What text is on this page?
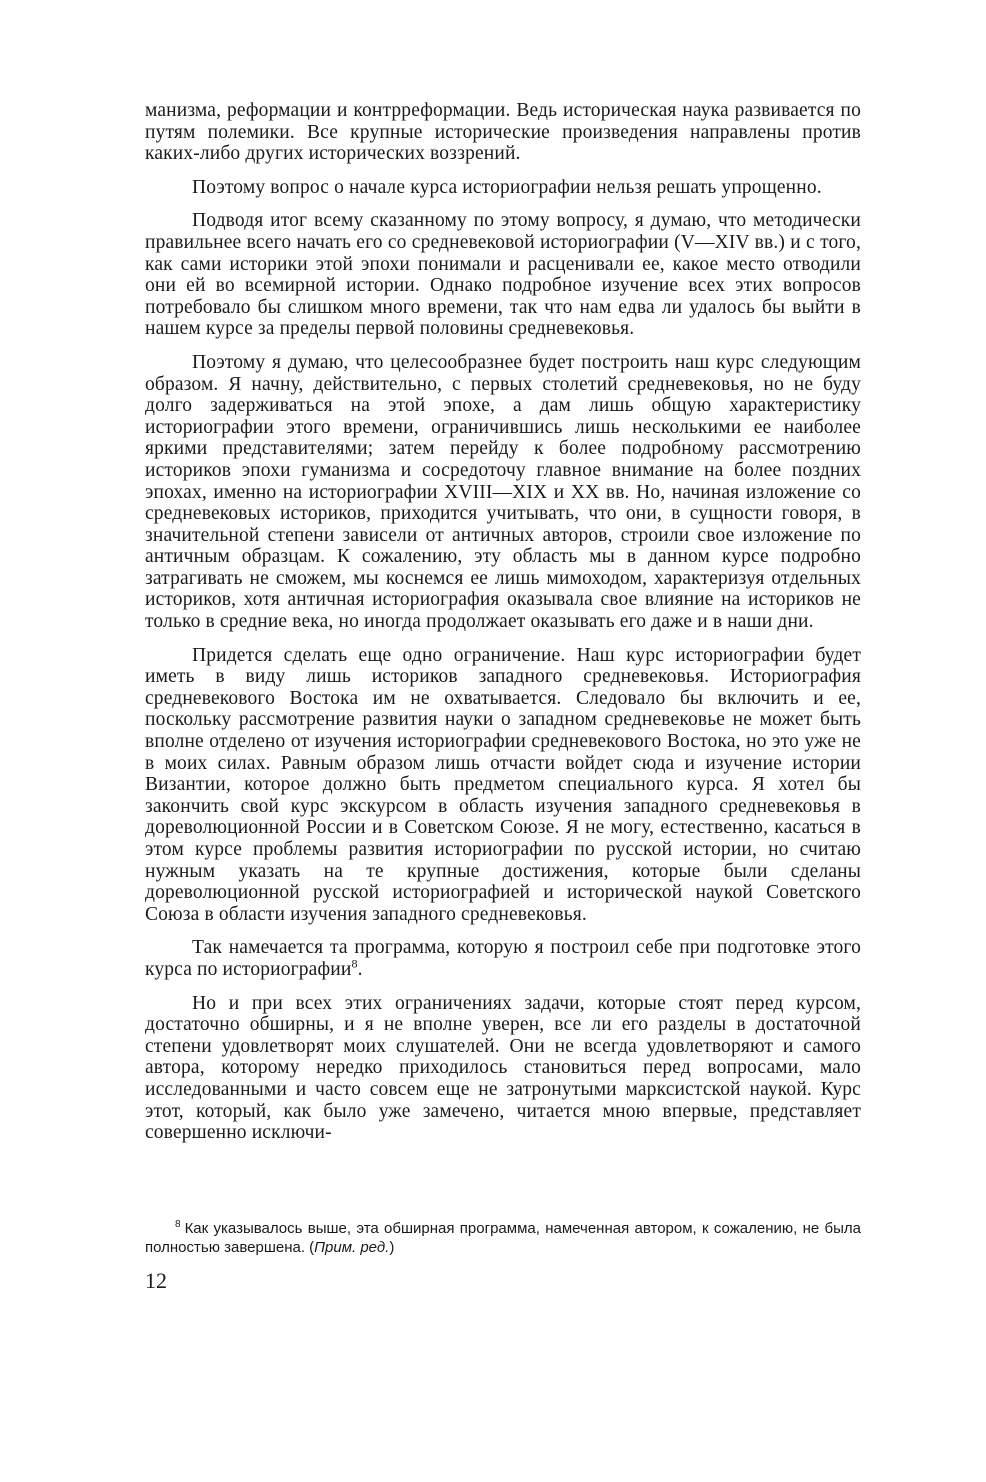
манизма, реформации и контрреформации. Ведь историческая наука развивается по путям полемики. Все крупные исторические произведения направлены против каких-либо других исторических воззрений.

Поэтому вопрос о начале курса историографии нельзя решать упрощенно.

Подводя итог всему сказанному по этому вопросу, я думаю, что методически правильнее всего начать его со средневековой историографии (V—XIV вв.) и с того, как сами историки этой эпохи понимали и расценивали ее, какое место отводили они ей во всемирной истории. Однако подробное изучение всех этих вопросов потребовало бы слишком много времени, так что нам едва ли удалось бы выйти в нашем курсе за пределы первой половины средневековья.

Поэтому я думаю, что целесообразнее будет построить наш курс следующим образом. Я начну, действительно, с первых столетий средневековья, но не буду долго задерживаться на этой эпохе, а дам лишь общую характеристику историографии этого времени, ограничившись лишь несколькими ее наиболее яркими представителями; затем перейду к более подробному рассмотрению историков эпохи гуманизма и сосредоточу главное внимание на более поздних эпохах, именно на историографии XVIII—XIX и XX вв. Но, начиная изложение со средневековых историков, приходится учитывать, что они, в сущности говоря, в значительной степени зависели от античных авторов, строили свое изложение по античным образцам. К сожалению, эту область мы в данном курсе подробно затрагивать не сможем, мы коснемся ее лишь мимоходом, характеризуя отдельных историков, хотя античная историография оказывала свое влияние на историков не только в средние века, но иногда продолжает оказывать его даже и в наши дни.

Придется сделать еще одно ограничение. Наш курс историографии будет иметь в виду лишь историков западного средневековья. Историография средневекового Востока им не охватывается. Следовало бы включить и ее, поскольку рассмотрение развития науки о западном средневековье не может быть вполне отделено от изучения историографии средневекового Востока, но это уже не в моих силах. Равным образом лишь отчасти войдет сюда и изучение истории Византии, которое должно быть предметом специального курса. Я хотел бы закончить свой курс экскурсом в область изучения западного средневековья в дореволюционной России и в Советском Союзе. Я не могу, естественно, касаться в этом курсе проблемы развития историографии по русской истории, но считаю нужным указать на те крупные достижения, которые были сделаны дореволюционной русской историографией и исторической наукой Советского Союза в области изучения западного средневековья.

Так намечается та программа, которую я построил себе при подготовке этого курса по историографии$^8$.

Но и при всех этих ограничениях задачи, которые стоят перед курсом, достаточно обширны, и я не вполне уверен, все ли его разделы в достаточной степени удовлетворят моих слушателей. Они не всегда удовлетворяют и самого автора, которому нередко приходилось становиться перед вопросами, мало исследованными и часто совсем еще не затронутыми марксистской наукой. Курс этот, который, как было уже замечено, читается мною впервые, представляет совершенно исключи-

$^8$ Как указывалось выше, эта обширная программа, намеченная автором, к сожалению, не была полностью завершена. (Прим. ред.)

12
